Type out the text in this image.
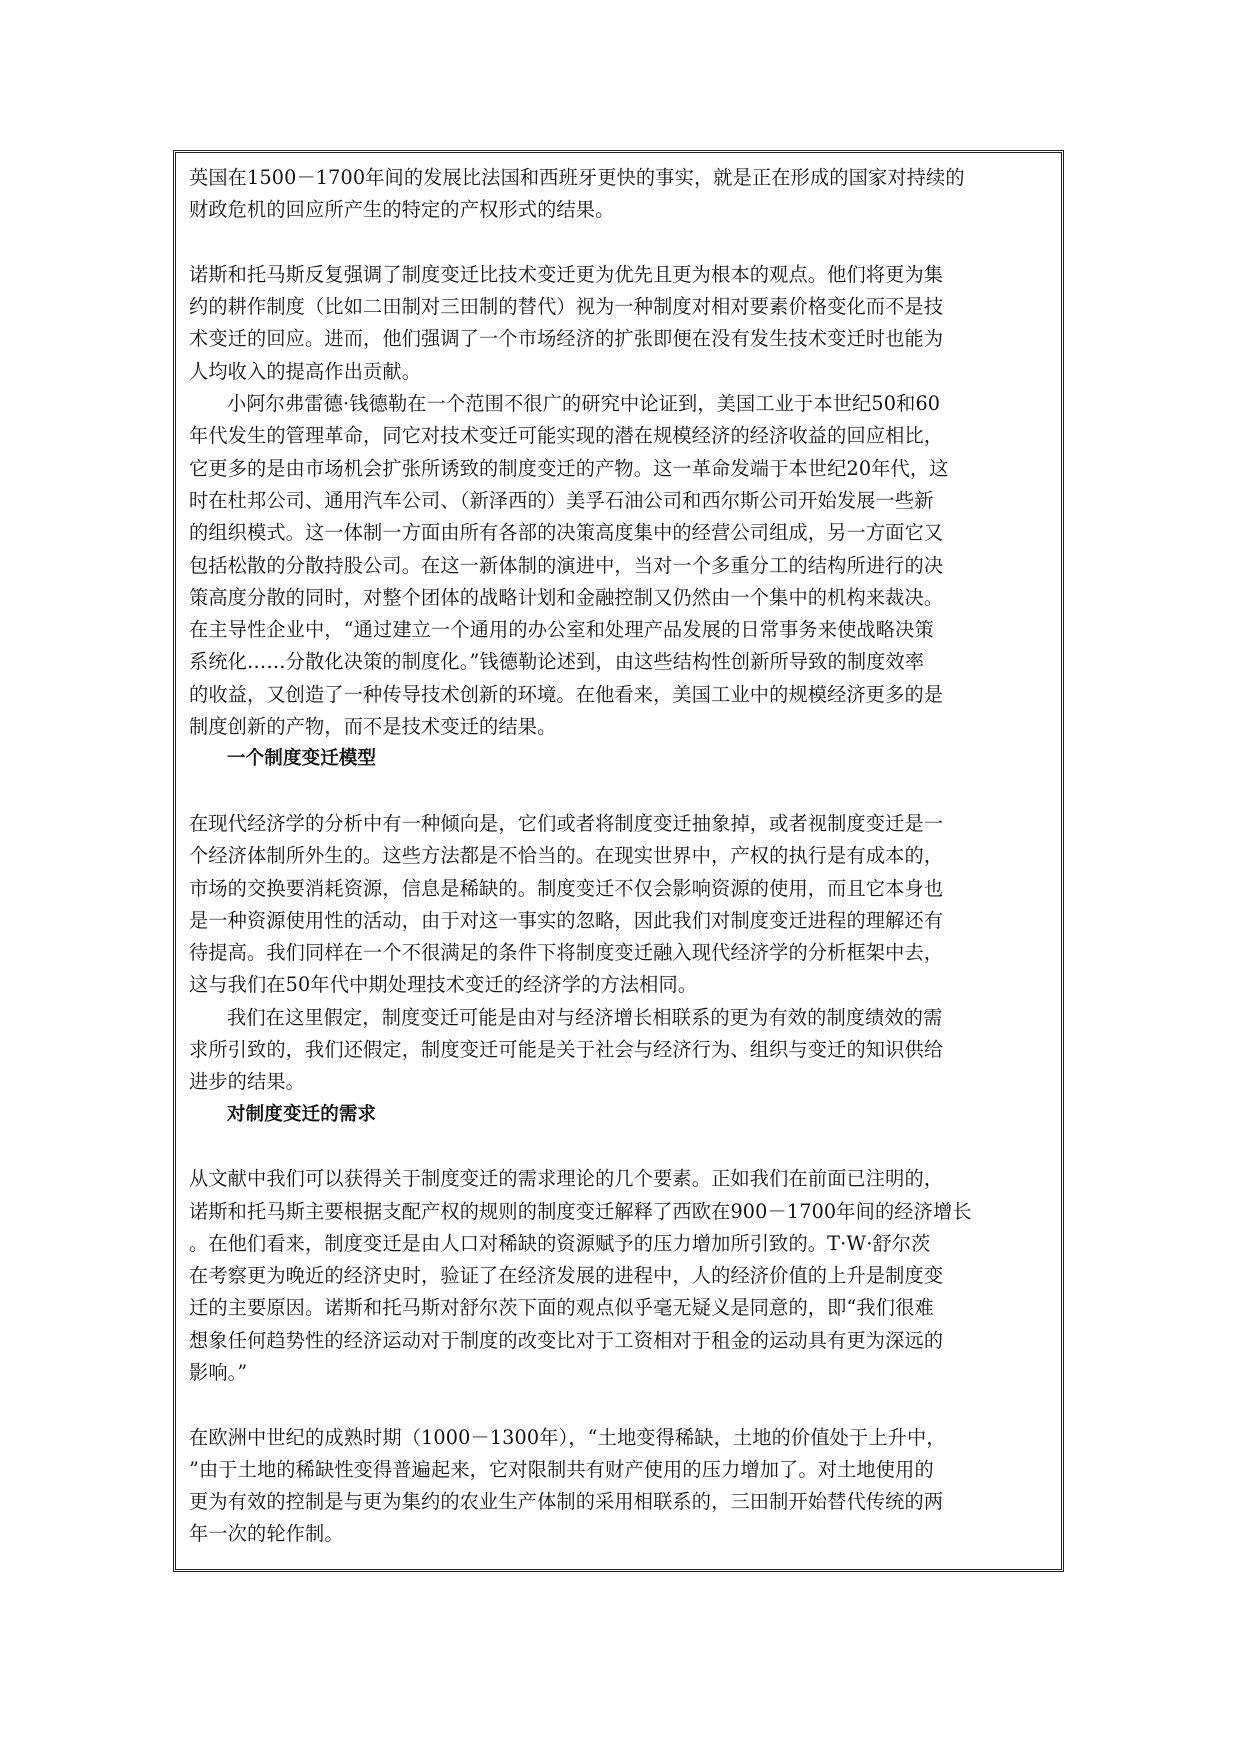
英国在1500－1700年间的发展比法国和西班牙更快的事实，就是正在形成的国家对持续的
财政危机的回应所产生的特定的产权形式的结果。
诺斯和托马斯反复强调了制度变迁比技术变迁更为优先且更为根本的观点。他们将更为集
约的耕作制度（比如二田制对三田制的替代）视为一种制度对相对要素价格变化而不是技
术变迁的回应。进而，他们强调了一个市场经济的扩张即便在没有发生技术变迁时也能为
人均收入的提高作出贡献。
小阿尔弗雷德·钱德勒在一个范围不很广的研究中论证到，美国工业于本世纪50和60
年代发生的管理革命，同它对技术变迁可能实现的潜在规模经济的经济收益的回应相比，
它更多的是由市场机会扩张所诱致的制度变迁的产物。这一革命发端于本世纪20年代，这
时在杜邦公司、通用汽车公司、（新泽西的）美孚石油公司和西尔斯公司开始发展一些新
的组织模式。这一体制一方面由所有各部的决策高度集中的经营公司组成，另一方面它又
包括松散的分散持股公司。在这一新体制的演进中，当对一个多重分工的结构所进行的决
策高度分散的同时，对整个团体的战略计划和金融控制又仍然由一个集中的机构来裁决。
在主导性企业中，“通过建立一个通用的办公室和处理产品发展的日常事务来使战略决策
系统化……分散化决策的制度化。”钱德勒论述到，由这些结构性创新所导致的制度效率
的收益，又创造了一种传导技术创新的环境。在他看来，美国工业中的规模经济更多的是
制度创新的产物，而不是技术变迁的结果。
一个制度变迁模型
在现代经济学的分析中有一种倾向是，它们或者将制度变迁抽象掉，或者视制度变迁是一
个经济体制所外生的。这些方法都是不恰当的。在现实世界中，产权的执行是有成本的，
市场的交换要消耗资源，信息是稀缺的。制度变迁不仅会影响资源的使用，而且它本身也
是一种资源使用性的活动，由于对这一事实的忽略，因此我们对制度变迁进程的理解还有
待提高。我们同样在一个不很满足的条件下将制度变迁融入现代经济学的分析框架中去，
这与我们在50年代中期处理技术变迁的经济学的方法相同。
我们在这里假定，制度变迁可能是由对与经济增长相联系的更为有效的制度绩效的需
求所引致的，我们还假定，制度变迁可能是关于社会与经济行为、组织与变迁的知识供给
进步的结果。
对制度变迁的需求
从文献中我们可以获得关于制度变迁的需求理论的几个要素。正如我们在前面已注明的，
诺斯和托马斯主要根据支配产权的规则的制度变迁解释了西欧在900－1700年间的经济增长
。在他们看来，制度变迁是由人口对稀缺的资源赋予的压力增加所引致的。T·W·舒尔茨
在考察更为晚近的经济史时，验证了在经济发展的进程中，人的经济价值的上升是制度变
迁的主要原因。诺斯和托马斯对舒尔茨下面的观点似乎毫无疑义是同意的，即“我们很难
想象任何趋势性的经济运动对于制度的改变比对于工资相对于租金的运动具有更为深远的
影响。”
在欧洲中世纪的成熟时期（1000－1300年），“土地变得稀缺，土地的价值处于上升中，
”由于土地的稀缺性变得普遍起来，它对限制共有财产使用的压力增加了。对土地使用的
更为有效的控制是与更为集约的农业生产体制的采用相联系的，三田制开始替代传统的两
年一次的轮作制。
